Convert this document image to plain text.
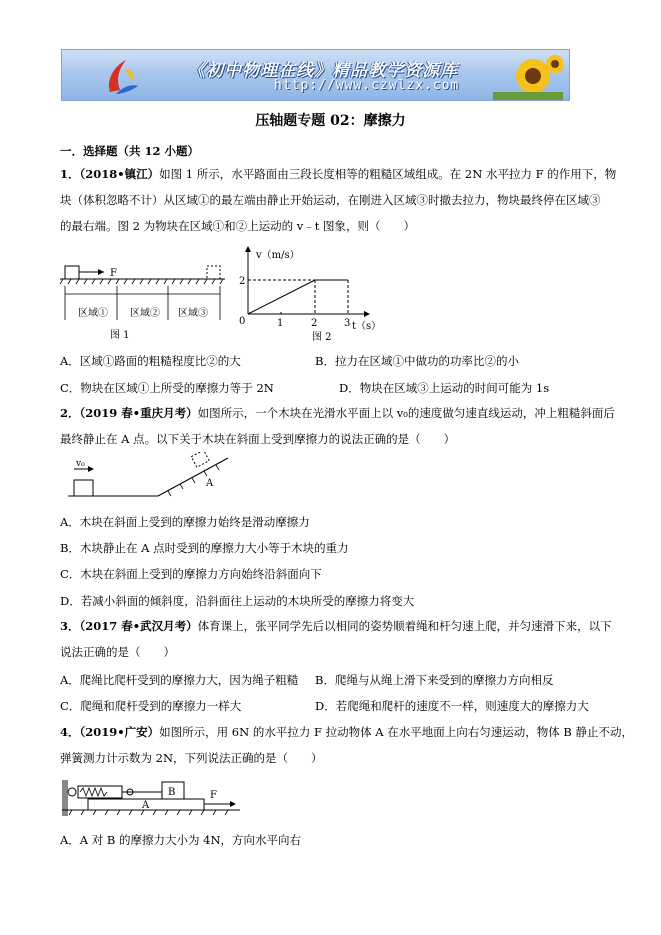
《初中物理在线》精品教学资源库
http://www.czwlzx.com
压轴题专题 02：摩擦力
一．选择题（共 12 小题）
1．（2018•镇江）如图 1 所示，水平路面由三段长度相等的粗糙区域组成。在 2N 水平拉力 F 的作用下，物
块（体积忽略不计）从区域①的最左端由静止开始运动，在刚进入区域③时撤去拉力，物块最终停在区域③
的最右端。图 2 为物块在区域①和②上运动的 v﹣t 图象，则（　　）
F
区域① 区域② 区域③
图 1
v（m/s）
t（s）
2
0	1	2	3
图 2
A．区域①路面的粗糙程度比②的大	B．拉力在区域①中做功的功率比②的小
C．物块在区域①上所受的摩擦力等于 2N	D．物块在区域③上运动的时间可能为 1s
2．（2019 春•重庆月考）如图所示，一个木块在光滑水平面上以 v₀的速度做匀速直线运动，冲上粗糙斜面后
最终静止在 A 点。以下关于木块在斜面上受到摩擦力的说法正确的是（　　）
v₀
A
A．木块在斜面上受到的摩擦力始终是滑动摩擦力
B．木块静止在 A 点时受到的摩擦力大小等于木块的重力
C．木块在斜面上受到的摩擦力方向始终沿斜面向下
D．若减小斜面的倾斜度，沿斜面往上运动的木块所受的摩擦力将变大
3．（2017 春•武汉月考）体育课上，张平同学先后以相同的姿势顺着绳和杆匀速上爬，并匀速滑下来，以下
说法正确的是（　　）
A．爬绳比爬杆受到的摩擦力大，因为绳子粗糙 B．爬绳与从绳上滑下来受到的摩擦力方向相反
C．爬绳和爬杆受到的摩擦力一样大	D．若爬绳和爬杆的速度不一样，则速度大的摩擦力大
4．（2019•广安）如图所示，用 6N 的水平拉力 F 拉动物体 A 在水平地面上向右匀速运动，物体 B 静止不动，
弹簧测力计示数为 2N，下列说法正确的是（　　）
B
A
F
A．A 对 B 的摩擦力大小为 4N，方向水平向右
